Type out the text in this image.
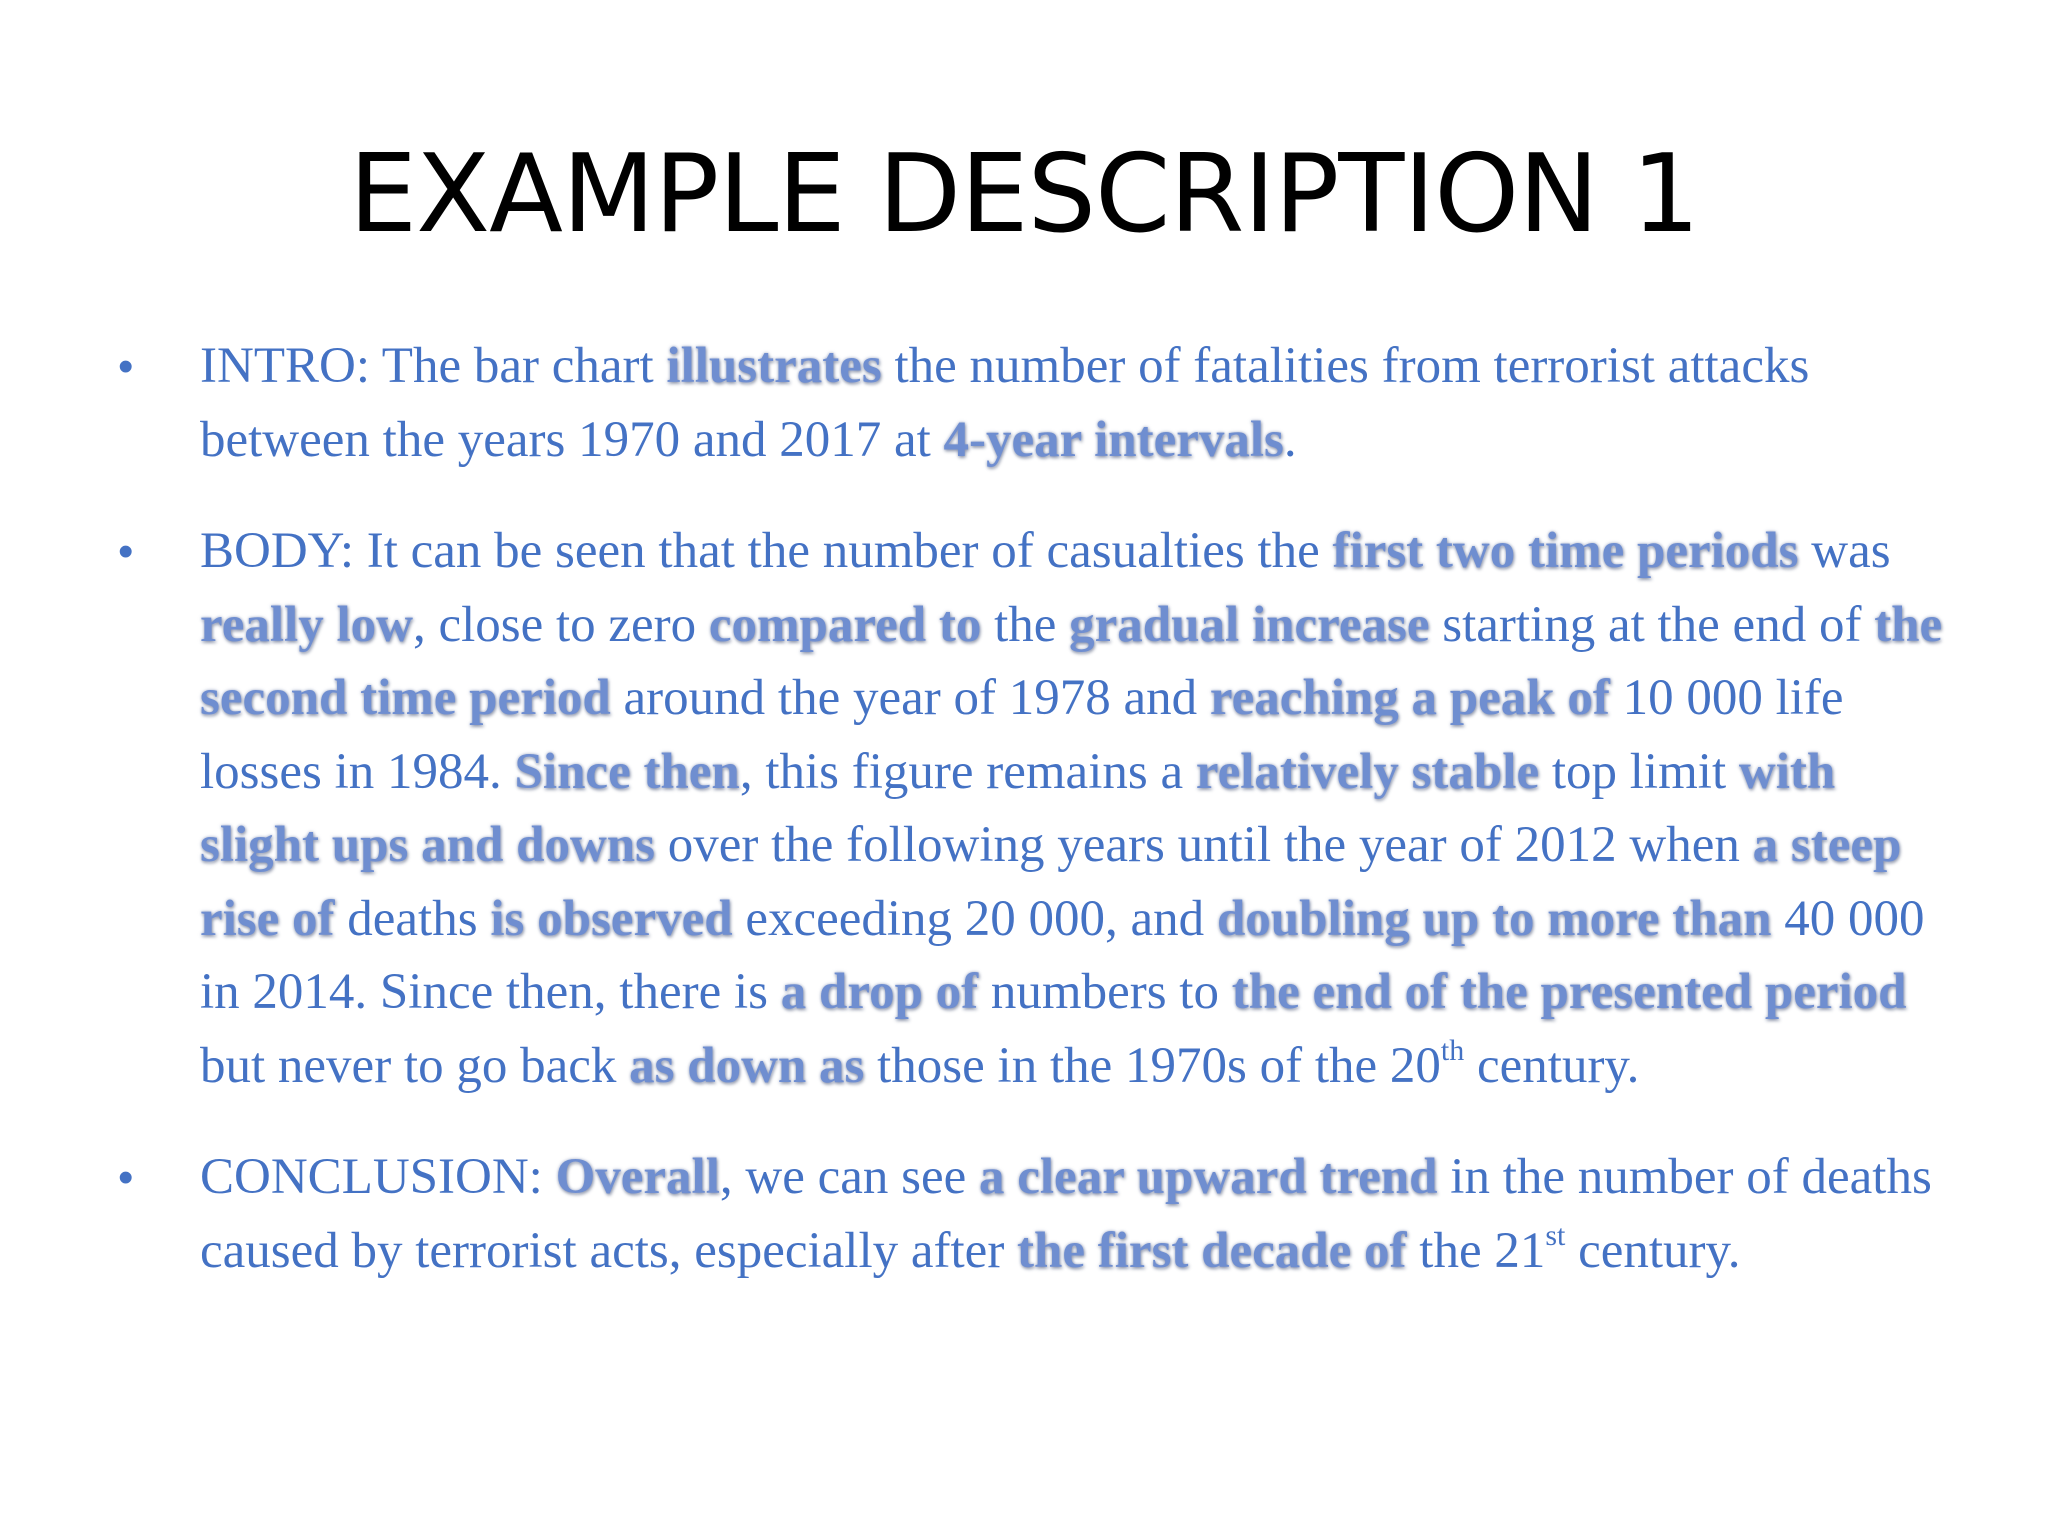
EXAMPLE DESCRIPTION 1
•	INTRO: The bar chart illustrates the number of fatalities from terrorist attacks between the years 1970 and 2017 at 4-year intervals.
•	BODY: It can be seen that the number of casualties the first two time periods was really low, close to zero compared to the gradual increase starting at the end of the second time period around the year of 1978 and reaching a peak of 10 000 life losses in 1984. Since then, this figure remains a relatively stable top limit with slight ups and downs over the following years until the year of 2012 when a steep rise of deaths is observed exceeding 20 000, and doubling up to more than 40 000 in 2014. Since then, there is a drop of numbers to the end of the presented period but never to go back as down as those in the 1970s of the 20th century.
•	CONCLUSION: Overall, we can see a clear upward trend in the number of deaths caused by terrorist acts, especially after the first decade of the 21st century.
